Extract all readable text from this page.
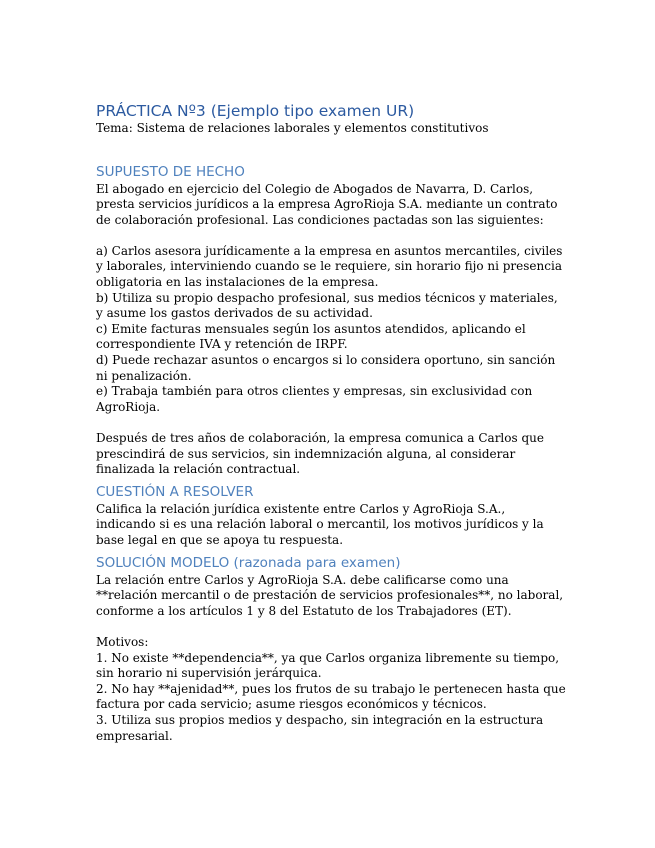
PRÁCTICA Nº3 (Ejemplo tipo examen UR)

Tema: Sistema de relaciones laborales y elementos constitutivos

SUPUESTO DE HECHO

El abogado en ejercicio del Colegio de Abogados de Navarra, D. Carlos,

presta servicios jurídicos a la empresa AgroRioja S.A. mediante un contrato

de colaboración profesional. Las condiciones pactadas son las siguientes:

a) Carlos asesora jurídicamente a la empresa en asuntos mercantiles, civiles

y laborales, interviniendo cuando se le requiere, sin horario fijo ni presencia

obligatoria en las instalaciones de la empresa.

b) Utiliza su propio despacho profesional, sus medios técnicos y materiales,

y asume los gastos derivados de su actividad.

c) Emite facturas mensuales según los asuntos atendidos, aplicando el

correspondiente IVA y retención de IRPF.

d) Puede rechazar asuntos o encargos si lo considera oportuno, sin sanción

ni penalización.

e) Trabaja también para otros clientes y empresas, sin exclusividad con

AgroRioja.

Después de tres años de colaboración, la empresa comunica a Carlos que

prescindirá de sus servicios, sin indemnización alguna, al considerar

finalizada la relación contractual.

CUESTIÓN A RESOLVER

Califica la relación jurídica existente entre Carlos y AgroRioja S.A.,

indicando si es una relación laboral o mercantil, los motivos jurídicos y la

base legal en que se apoya tu respuesta.

SOLUCIÓN MODELO (razonada para examen)

La relación entre Carlos y AgroRioja S.A. debe calificarse como una

**relación mercantil o de prestación de servicios profesionales**, no laboral,

conforme a los artículos 1 y 8 del Estatuto de los Trabajadores (ET).

Motivos:

1. No existe **dependencia**, ya que Carlos organiza libremente su tiempo,

sin horario ni supervisión jerárquica.

2. No hay **ajenidad**, pues los frutos de su trabajo le pertenecen hasta que

factura por cada servicio; asume riesgos económicos y técnicos.

3. Utiliza sus propios medios y despacho, sin integración en la estructura

empresarial.
